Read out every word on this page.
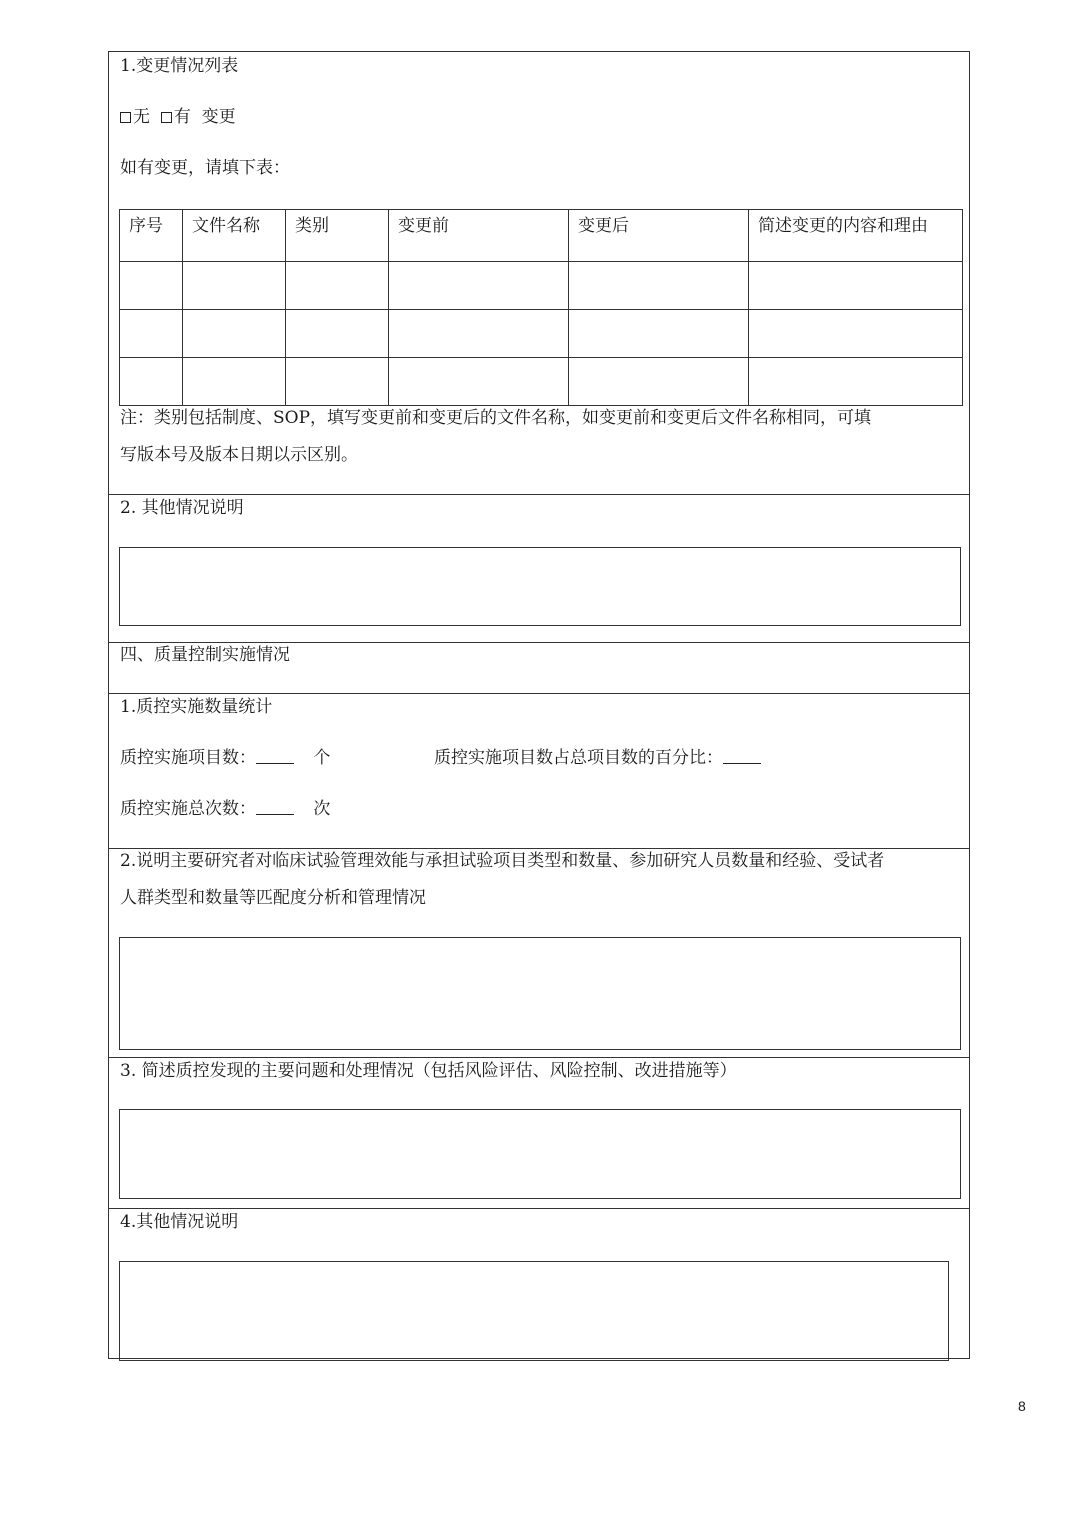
1.变更情况列表
无 有 变更
如有变更，请填下表：
序号	文件名称	类别	变更前	变更后	简述变更的内容和理由

注：类别包括制度、SOP，填写变更前和变更后的文件名称，如变更前和变更后文件名称相同，可填
写版本号及版本日期以示区别。
2. 其他情况说明
四、质量控制实施情况
1.质控实施数量统计
质控实施项目数：	个	质控实施项目数占总项目数的百分比：
质控实施总次数：	次
2.说明主要研究者对临床试验管理效能与承担试验项目类型和数量、参加研究人员数量和经验、受试者
人群类型和数量等匹配度分析和管理情况
3. 简述质控发现的主要问题和处理情况（包括风险评估、风险控制、改进措施等）
4.其他情况说明
8
